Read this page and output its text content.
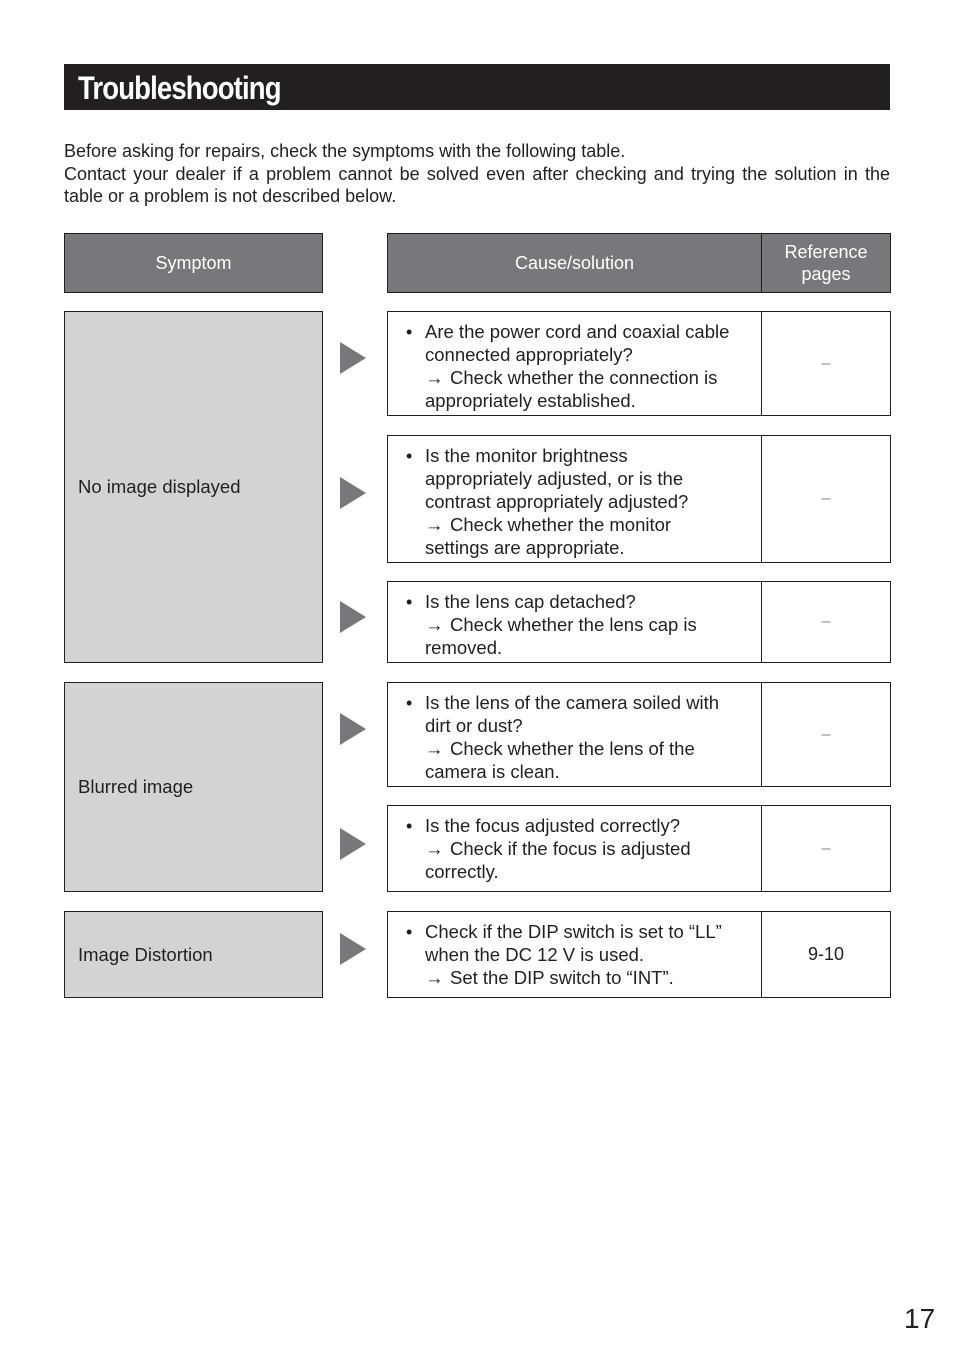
Troubleshooting

Before asking for repairs, check the symptoms with the following table.

Contact your dealer if a problem cannot be solved even after checking and trying the solution in the table or a problem is not described below.

Symptom	Cause/solution
Reference
pages
No image displayed
Blurred image
Image Distortion
• Are the power cord and coaxial cable
connected appropriately?
→ Check whether the connection is
appropriately established.
–
• Is the monitor brightness
appropriately adjusted, or is the
contrast appropriately adjusted?
→ Check whether the monitor
settings are appropriate.
–
• Is the lens cap detached?
→ Check whether the lens cap is
removed.
–
• Is the lens of the camera soiled with
dirt or dust?
→ Check whether the lens of the
camera is clean.
–
• Is the focus adjusted correctly?
→ Check if the focus is adjusted
correctly.
–
• Check if the DIP switch is set to “LL”
when the DC 12 V is used.
→ Set the DIP switch to “INT”.
9-10
17
